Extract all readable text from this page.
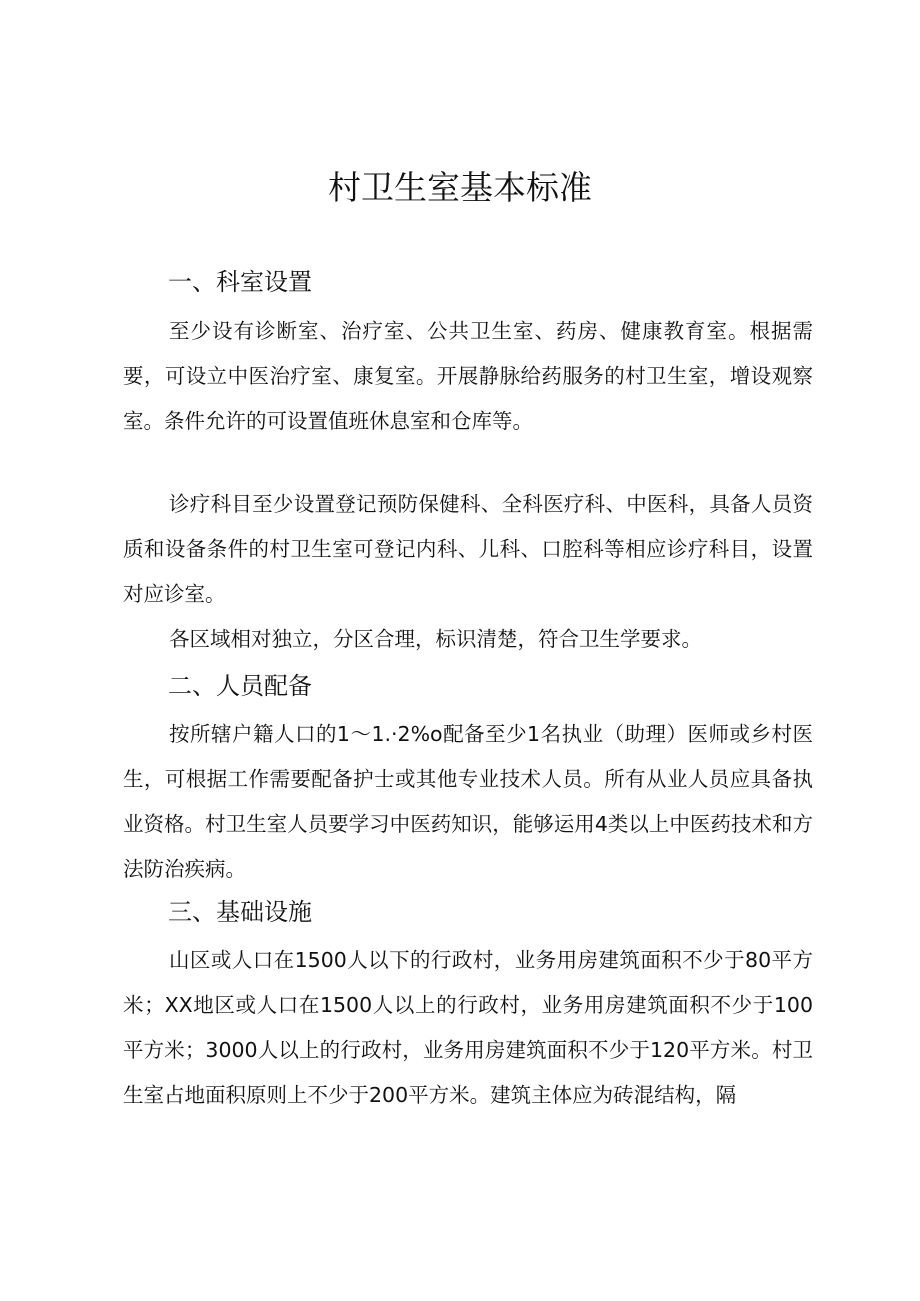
村卫生室基本标准
一、科室设置

至少设有诊断室、治疗室、公共卫生室、药房、健康教育室。根据需要，可设立中医治疗室、康复室。开展静脉给药服务的村卫生室，增设观察室。条件允许的可设置值班休息室和仓库等。

诊疗科目至少设置登记预防保健科、全科医疗科、中医科，具备人员资质和设备条件的村卫生室可登记内科、儿科、口腔科等相应诊疗科目，设置对应诊室。

各区域相对独立，分区合理，标识清楚，符合卫生学要求。

二、人员配备

按所辖户籍人口的1～1.·2%o配备至少1名执业（助理）医师或乡村医生，可根据工作需要配备护士或其他专业技术人员。所有从业人员应具备执业资格。村卫生室人员要学习中医药知识，能够运用4类以上中医药技术和方法防治疾病。

三、基础设施

山区或人口在1500人以下的行政村，业务用房建筑面积不少于80平方米；XX地区或人口在1500人以上的行政村，业务用房建筑面积不少于100平方米；3000人以上的行政村，业务用房建筑面积不少于120平方米。村卫生室占地面积原则上不少于200平方米。建筑主体应为砖混结构，隔
